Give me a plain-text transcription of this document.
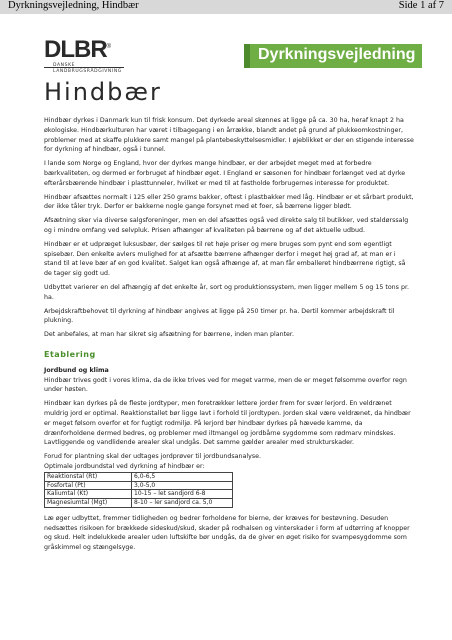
Dyrkningsvejledning, Hindbær	Side 1 af 7
DLBR®
DANSKE
LANDBRUGSRÅDGIVNING
Dyrkningsvejledning
Hindbær

Hindbær dyrkes i Danmark kun til frisk konsum. Det dyrkede areal skønnes at ligge på ca. 30 ha, heraf knapt 2 ha økologiske. Hindbærkulturen har været i tilbagegang i en årrække, blandt andet på grund af plukkeomkostninger, problemer med at skaffe plukkere samt mangel på plantebeskyttelsesmidler. I øjeblikket er der en stigende interesse for dyrkning af hindbær, også i tunnel.

I lande som Norge og England, hvor der dyrkes mange hindbær, er der arbejdet meget med at forbedre bærkvaliteten, og dermed er forbruget af hindbær øget. I England er sæsonen for hindbær forlænget ved at dyrke efterårsbærende hindbær i plasttunneler, hvilket er med til at fastholde forbrugernes interesse for produktet.

Hindbær afsættes normalt i 125 eller 250 grams bakker, oftest i plastbakker med låg. Hindbær er et sårbart produkt, der ikke tåler tryk. Derfor er bakkerne nogle gange forsynet med et foer, så bærrene ligger blødt.

Afsætning sker via diverse salgsforeninger, men en del afsættes også ved direkte salg til butikker, ved staldørssalg og i mindre omfang ved selvpluk. Prisen afhænger af kvaliteten på bærrene og af det aktuelle udbud.

Hindbær er et udpræget luksusbær, der sælges til ret høje priser og mere bruges som pynt end som egentligt spisebær. Den enkelte avlers mulighed for at afsætte bærrene afhænger derfor i meget høj grad af, at man er i stand til at leve bær af en god kvalitet. Salget kan også afhænge af, at man får emballeret hindbærrene rigtigt, så de tager sig godt ud.

Udbyttet varierer en del afhængig af det enkelte år, sort og produktionssystem, men ligger mellem 5 og 15 tons pr. ha.

Arbejdskraftbehovet til dyrkning af hindbær angives at ligge på 250 timer pr. ha. Dertil kommer arbejdskraft til plukning.

Det anbefales, at man har sikret sig afsætning for bærrene, inden man planter.

Etablering
Jordbund og klima

Hindbær trives godt i vores klima, da de ikke trives ved for meget varme, men de er meget følsomme overfor regn under høsten.

Hindbær kan dyrkes på de fleste jordtyper, men foretrækker lettere jorder frem for svær lerjord. En veldrænet muldrig jord er optimal. Reaktionstallet bør ligge lavt i forhold til jordtypen. Jorden skal være veldrænet, da hindbær er meget følsom overfor et for fugtigt rodmiljø. På lerjord bør hindbær dyrkes på hævede kamme, da drænforholdene dermed bedres, og problemer med iltmangel og jordbårne sygdomme som rødmarv mindskes. Lavtliggende og vandlidende arealer skal undgås. Det samme gælder arealer med strukturskader.

Forud for plantning skal der udtages jordprøver til jordbundsanalyse.

Optimale jordbundstal ved dyrkning af hindbær er:

Reaktionstal (Rt)	6,0-6,5
Fosfortal (Pt)	3,0-5,0
Kaliumtal (Kt)	10-15 – let sandjord 6-8
Magnesiumtal (Mgt)	8-10 – ler sandjord ca. 5,0

Læ øger udbyttet, fremmer tidligheden og bedrer forholdene for bierne, der kræves for bestøvning. Desuden nedsættes risikoen for brækkede sideskud/skud, skader på rodhalsen og vinterskader i form af udtørring af knopper og skud. Helt indelukkede arealer uden luftskifte bør undgås, da de giver en øget risiko for svampesygdomme som gråskimmel og stængelsyge.
